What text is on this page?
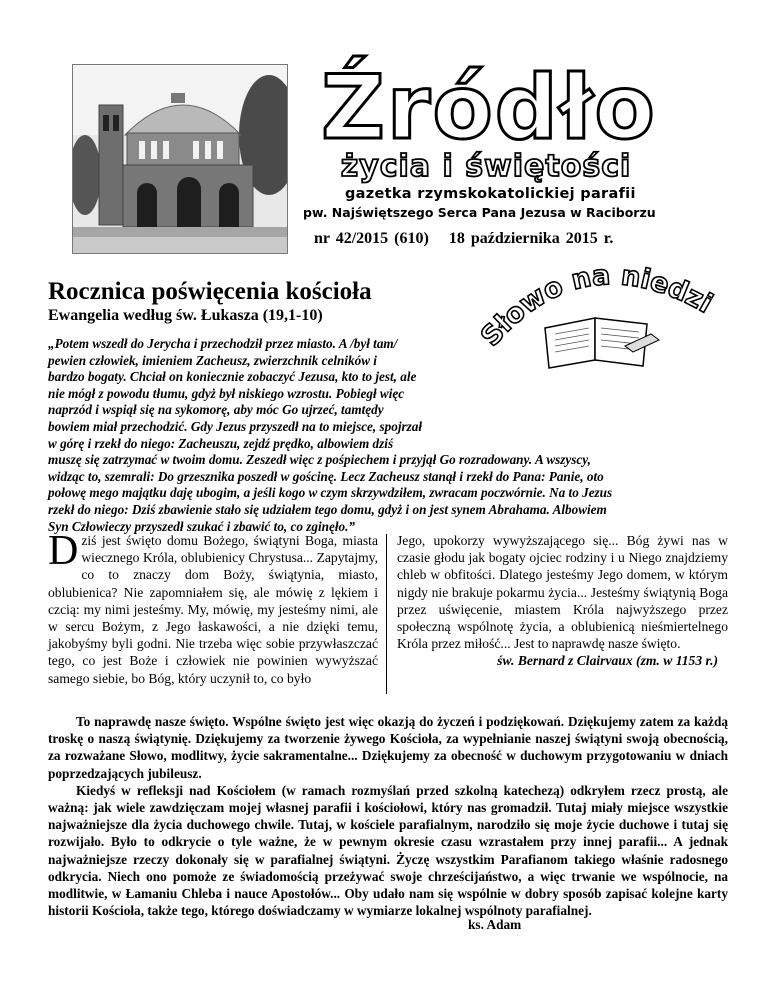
Źródło
życia i świętości
gazetka rzymskokatolickiej parafii
pw. Najświętszego Serca Pana Jezusa w Raciborzu
nr 42/2015 (610) 18 października 2015 r.
Rocznica poświęcenia kościoła
Ewangelia według św. Łukasza (19,1-10)
Słowo na niedzi
„Potem wszedł do Jerycha i przechodził przez miasto. A /był tam/
pewien człowiek, imieniem Zacheusz, zwierzchnik celników i
bardzo bogaty. Chciał on koniecznie zobaczyć Jezusa, kto to jest, ale
nie mógł z powodu tłumu, gdyż był niskiego wzrostu. Pobiegł więc
naprzód i wspiął się na sykomorę, aby móc Go ujrzeć, tamtędy
bowiem miał przechodzić. Gdy Jezus przyszedł na to miejsce, spojrzał
w górę i rzekł do niego: Zacheuszu, zejdź prędko, albowiem dziś
muszę się zatrzymać w twoim domu. Zeszedł więc z pośpiechem i przyjął Go rozradowany. A wszyscy,
widząc to, szemrali: Do grzesznika poszedł w gościnę. Lecz Zacheusz stanął i rzekł do Pana: Panie, oto
połowę mego majątku daję ubogim, a jeśli kogo w czym skrzywdziłem, zwracam poczwórnie. Na to Jezus
rzekł do niego: Dziś zbawienie stało się udziałem tego domu, gdyż i on jest synem Abrahama. Albowiem
Syn Człowieczy przyszedł szukać i zbawić to, co zginęło.”
Dziś jest święto domu Bożego, świątyni Boga, miasta wiecznego Króla, oblubienicy Chrystusa... Zapytajmy, co to znaczy dom Boży, świątynia, miasto, oblubienica? Nie zapomniałem się, ale mówię z lękiem i czcią: my nimi jesteśmy. My, mówię, my jesteśmy nimi, ale w sercu Bożym, z Jego łaskawości, a nie dzięki temu, jakobyśmy byli godni. Nie trzeba więc sobie przywłaszczać tego, co jest Boże i człowiek nie powinien wywyższać samego siebie, bo Bóg, który uczynił to, co było
Jego, upokorzy wywyższającego się... Bóg żywi nas w czasie głodu jak bogaty ojciec rodziny i u Niego znajdziemy chleb w obfitości. Dlatego jesteśmy Jego domem, w którym nigdy nie brakuje pokarmu życia... Jesteśmy świątynią Boga przez uświęcenie, miastem Króla najwyższego przez społeczną wspólnotę życia, a oblubienicą nieśmiertelnego Króla przez miłość... Jest to naprawdę nasze święto.
św. Bernard z Clairvaux (zm. w 1153 r.)

To naprawdę nasze święto. Wspólne święto jest więc okazją do życzeń i podziękowań. Dziękujemy zatem za każdą troskę o naszą świątynię. Dziękujemy za tworzenie żywego Kościoła, za wypełnianie naszej świątyni swoją obecnością, za rozważane Słowo, modlitwy, życie sakramentalne... Dziękujemy za obecność w duchowym przygotowaniu w dniach poprzedzających jubileusz.

Kiedyś w refleksji nad Kościołem (w ramach rozmyślań przed szkolną katechezą) odkryłem rzecz prostą, ale ważną: jak wiele zawdzięczam mojej własnej parafii i kościołowi, który nas gromadził. Tutaj miały miejsce wszystkie najważniejsze dla życia duchowego chwile. Tutaj, w kościele parafialnym, narodziło się moje życie duchowe i tutaj się rozwijało. Było to odkrycie o tyle ważne, że w pewnym okresie czasu wzrastałem przy innej parafii... A jednak najważniejsze rzeczy dokonały się w parafialnej świątyni. Życzę wszystkim Parafianom takiego właśnie radosnego odkrycia. Niech ono pomoże ze świadomością przeżywać swoje chrześcijaństwo, a więc trwanie we wspólnocie, na modlitwie, w Łamaniu Chleba i nauce Apostołów... Oby udało nam się wspólnie w dobry sposób zapisać kolejne karty historii Kościoła, także tego, którego doświadczamy w wymiarze lokalnej wspólnoty parafialnej.

ks. Adam
